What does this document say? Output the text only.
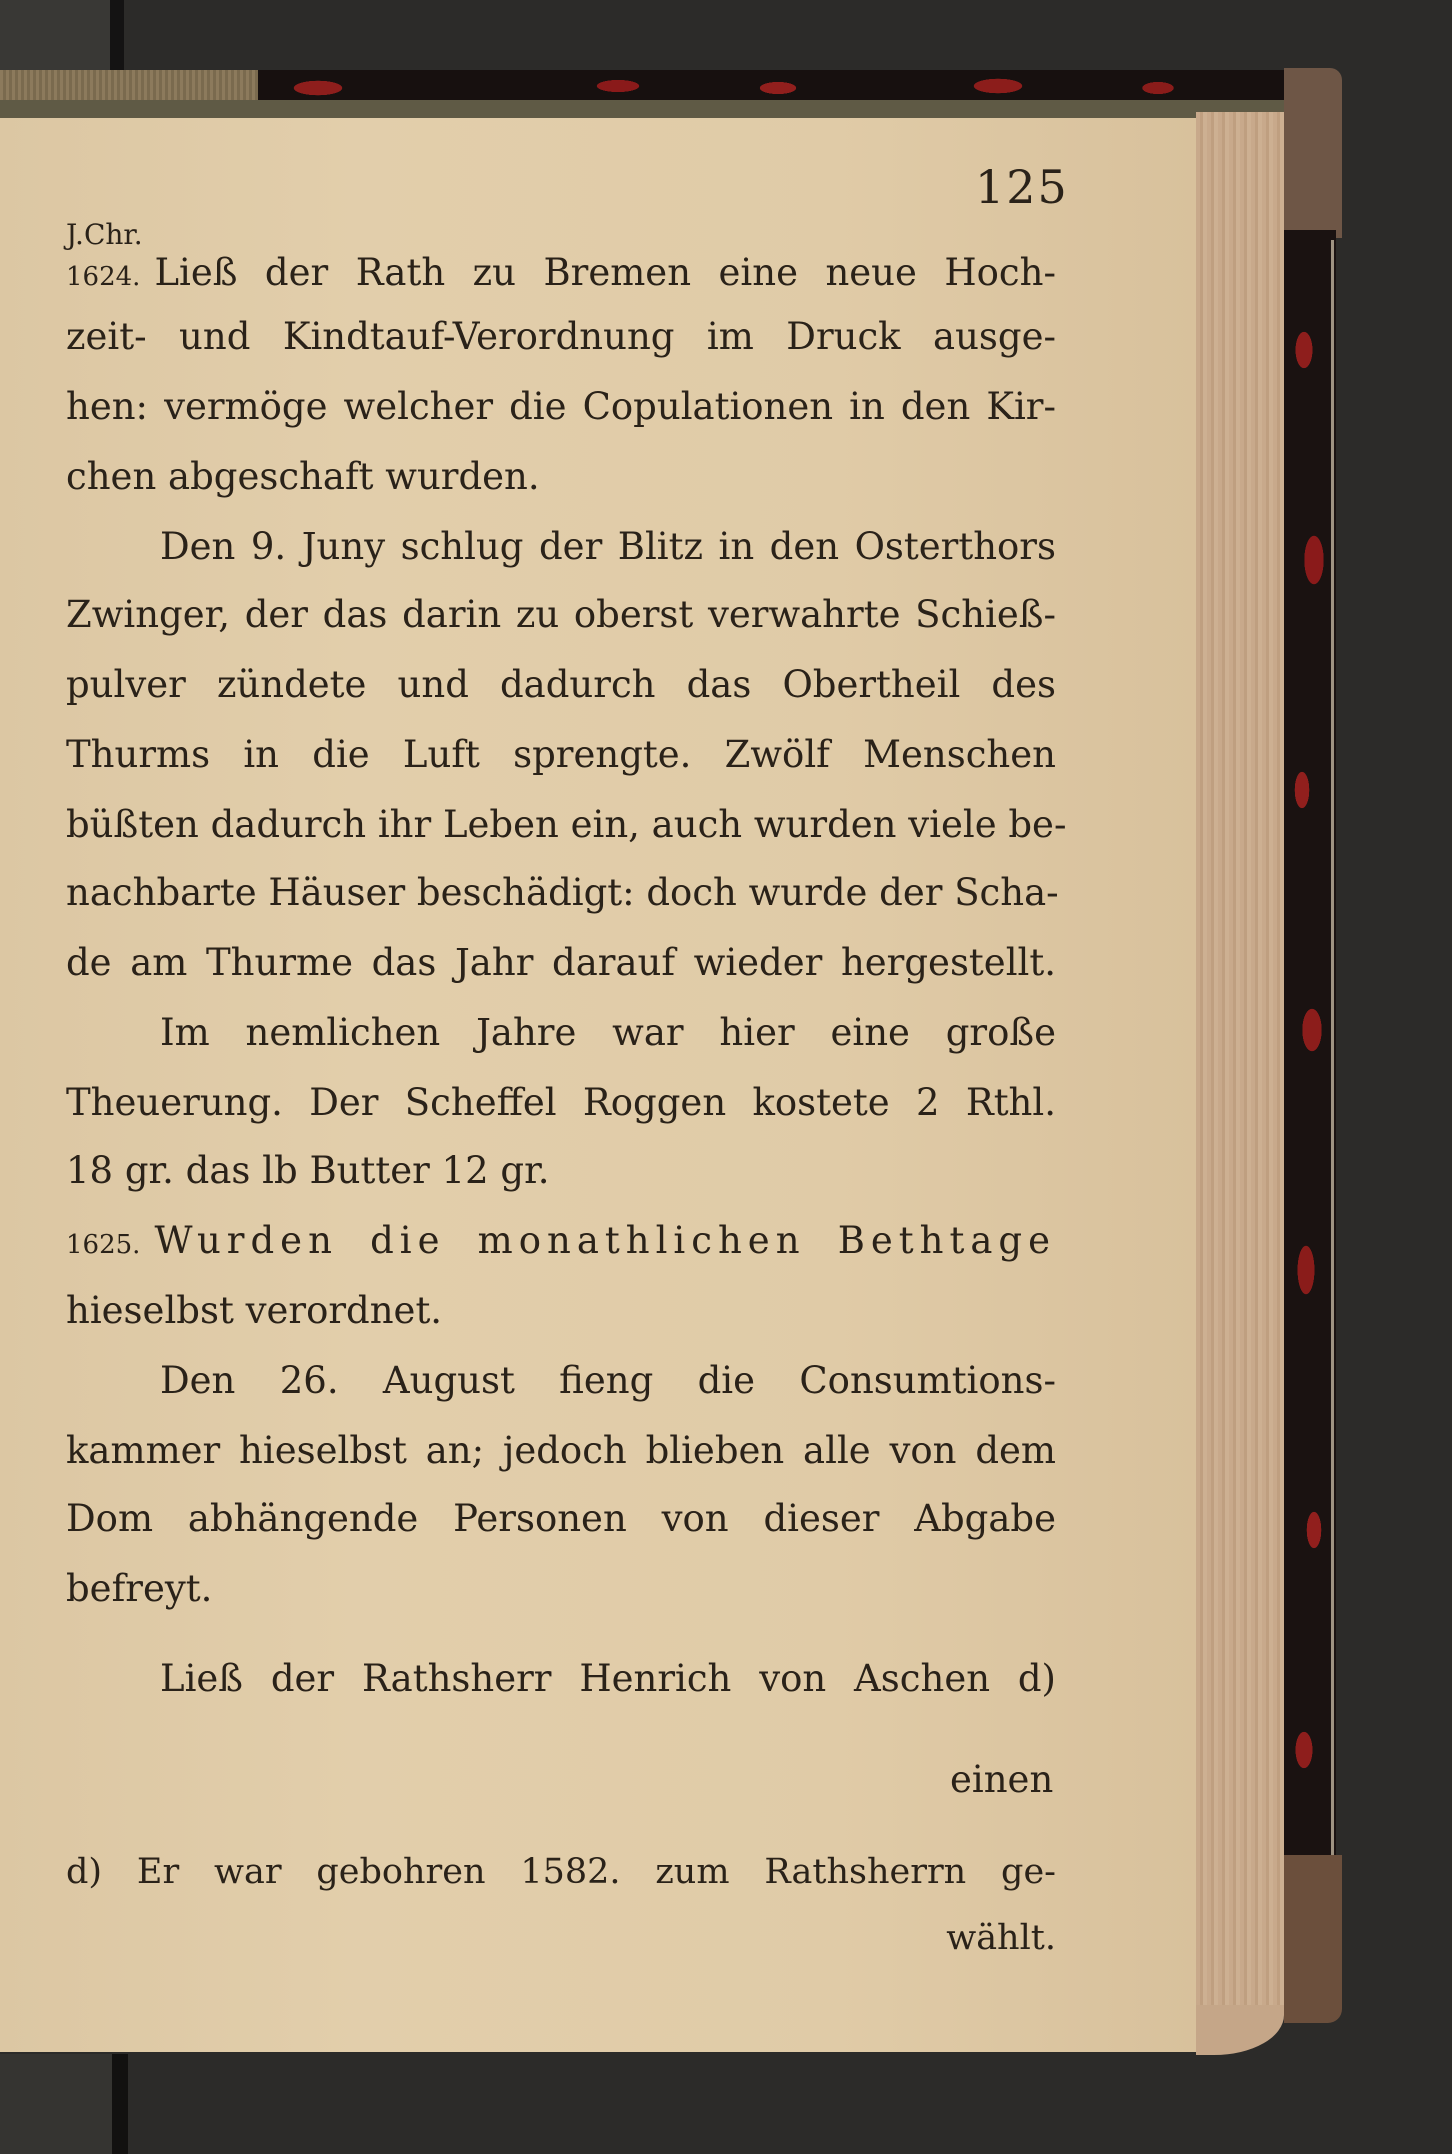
125
J.Chr.
1624. Ließ der Rath zu Bremen eine neue Hoch-
zeit- und Kindtauf-Verordnung im Druck ausge-
hen: vermöge welcher die Copulationen in den Kir-
chen abgeschaft wurden.
Den 9. Juny schlug der Blitz in den Osterthors
Zwinger, der das darin zu oberst verwahrte Schieß-
pulver zündete und dadurch das Obertheil des
Thurms in die Luft sprengte. Zwölf Menschen
büßten dadurch ihr Leben ein, auch wurden viele be-
nachbarte Häuser beschädigt: doch wurde der Scha-
de am Thurme das Jahr darauf wieder hergestellt.
Im nemlichen Jahre war hier eine große
Theuerung. Der Scheffel Roggen kostete 2 Rthl.
18 gr. das lb Butter 12 gr.
1625. Wurden die monathlichen Bethtage
hieselbst verordnet.
Den 26. August fieng die Consumtions-
kammer hieselbst an; jedoch blieben alle von dem
Dom abhängende Personen von dieser Abgabe
befreyt.
Ließ der Rathsherr Henrich von Aschen d)
einen
d) Er war gebohren 1582. zum Rathsherrn ge-
wählt.
